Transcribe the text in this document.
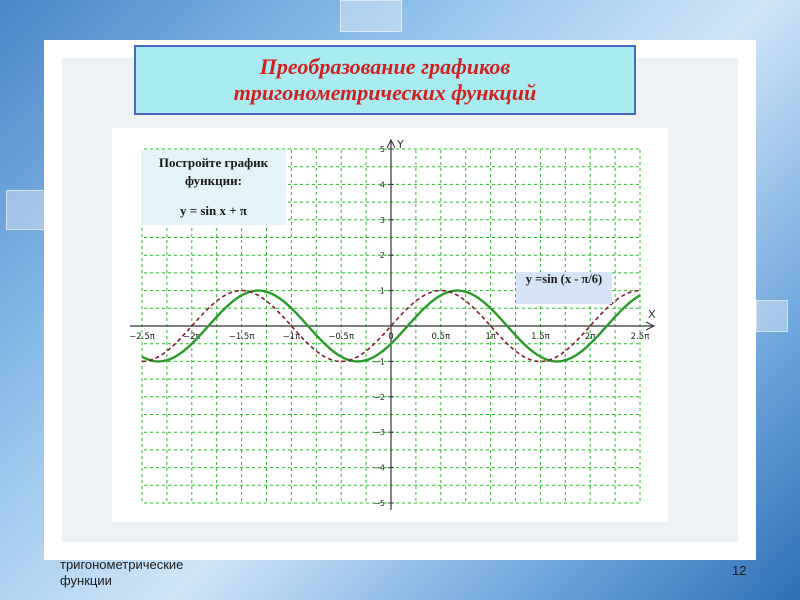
Преобразование графиков
тригонометрических функций
X
Y
−2.5π	−2π	−1.5π	−1π	−0.5π	0	0.5π	1π	1.5π	2π	2.5π
−5
−4
−3
−2
−1
1
2
3
4
5
Постройте график
функции:
y = sin x + π
y =sin (x - π/6)
тригонометрические функции
12
